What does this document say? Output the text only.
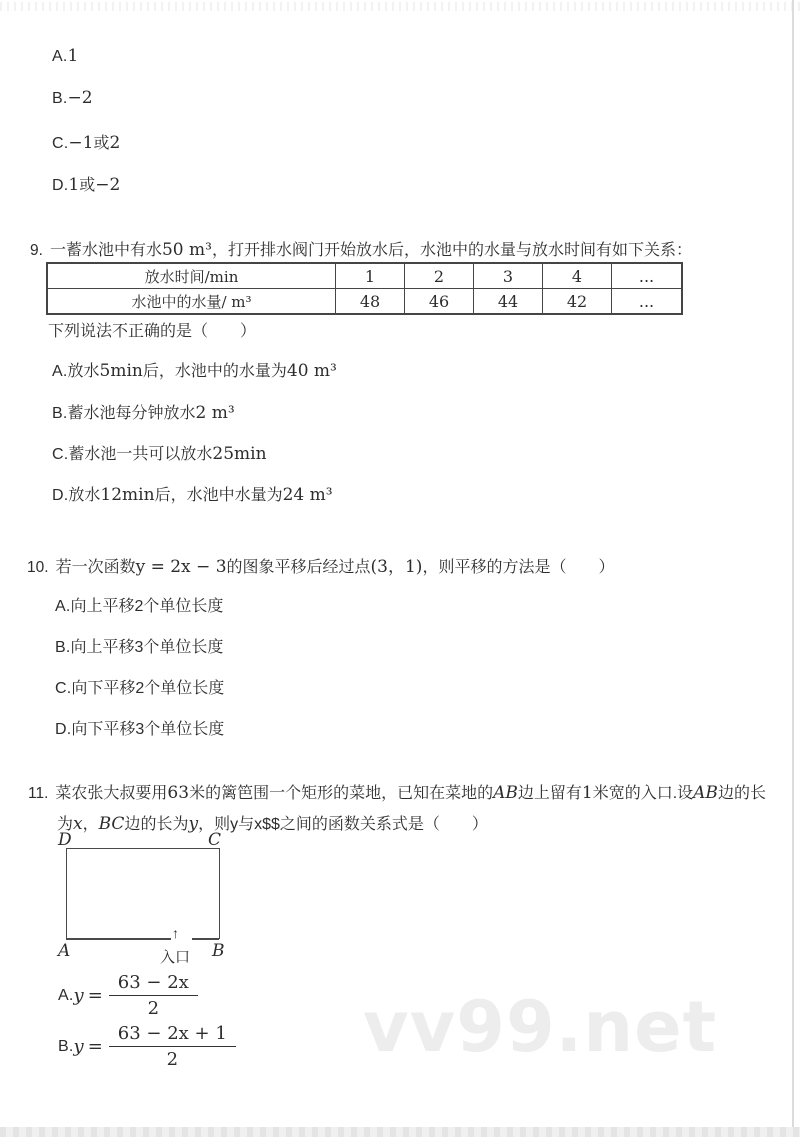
vv99.net
A. 1
B. −2
C. −1 或 2
D. 1 或 −2
9. 一蓄水池中有水 50 m³ ，打开排水阀门开始放水后，水池中的水量与放水时间有如下关系：
放水时间/min	1	2	3	4	...
水池中的水量/ m³	48	46	44	42	...
下列说法不正确的是（　　）
A. 放水 5min 后，水池中的水量为 40 m³
B. 蓄水池每分钟放水 2 m³
C. 蓄水池一共可以放水 25min
D. 放水 12min 后，水池中水量为 24 m³
10. 若一次函数 y = 2x − 3 的图象平移后经过点 (3，1) ，则平移的方法是（　　）
A. 向上平移2个单位长度
B. 向上平移3个单位长度
C. 向下平移2个单位长度
D. 向下平移3个单位长度
11. 菜农张大叔要用 63 米的篱笆围一个矩形的菜地，已知在菜地的 AB 边上留有 1 米宽的入口.设 AB 边的长
为 x ， BC 边的长为 y ，则y与x$$之间的函数关系式是（　　）
D	C
A	B
↑
入口
A. $y = \frac{63 - 2x}{2}$
B. $y = \frac{63 - 2x + 1}{2}$
